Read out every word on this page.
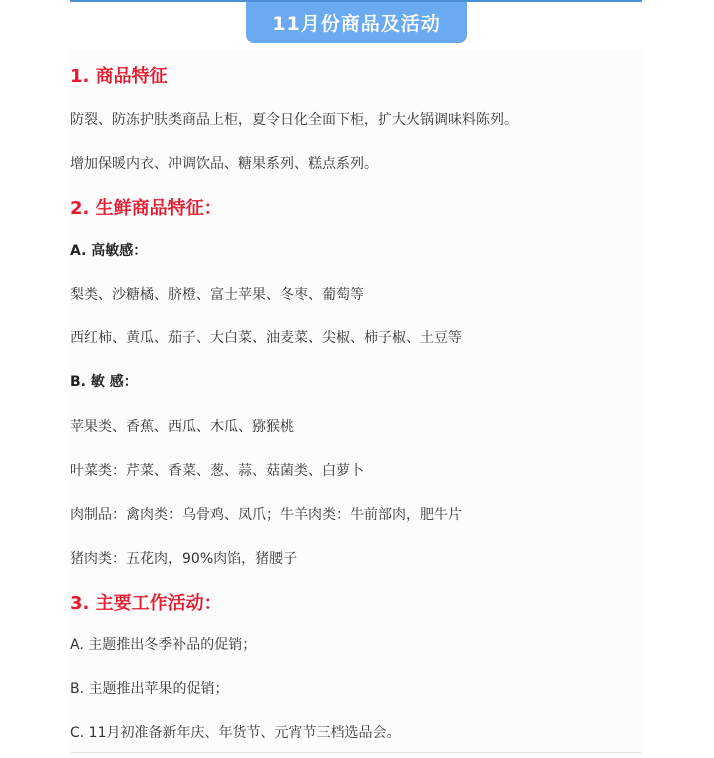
11月份商品及活动
1. 商品特征

防裂、防冻护肤类商品上柜，夏令日化全面下柜，扩大火锅调味料陈列。

增加保暖内衣、冲调饮品、糖果系列、糕点系列。

2. 生鲜商品特征：

A. 高敏感：

梨类、沙糖橘、脐橙、富士苹果、冬枣、葡萄等

西红柿、黄瓜、茄子、大白菜、油麦菜、尖椒、柿子椒、土豆等

B. 敏 感：

苹果类、香蕉、西瓜、木瓜、猕猴桃

叶菜类：芹菜、香菜、葱、蒜、菇菌类、白萝卜

肉制品：禽肉类：乌骨鸡、凤爪；牛羊肉类：牛前部肉，肥牛片

猪肉类：五花肉，90%肉馅，猪腰子

3. 主要工作活动：

A. 主题推出冬季补品的促销；

B. 主题推出苹果的促销；

C. 11月初准备新年庆、年货节、元宵节三档选品会。
